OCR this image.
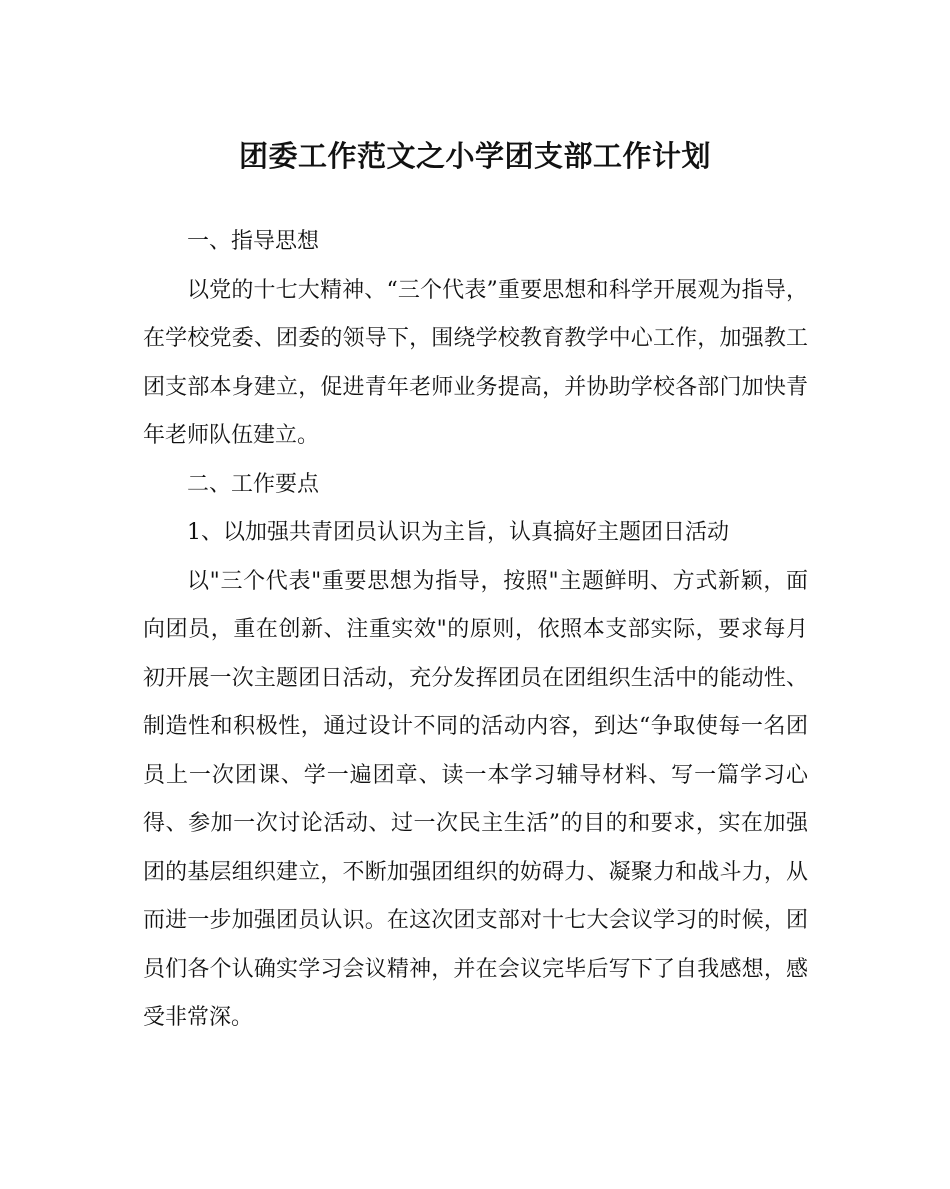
团委工作范文之小学团支部工作计划

一、指导思想

以党的十七大精神、“三个代表”重要思想和科学开展观为指导，在学校党委、团委的领导下，围绕学校教育教学中心工作，加强教工团支部本身建立，促进青年老师业务提高，并协助学校各部门加快青年老师队伍建立。

二、工作要点

1、以加强共青团员认识为主旨，认真搞好主题团日活动

以"三个代表"重要思想为指导，按照"主题鲜明、方式新颖，面向团员，重在创新、注重实效"的原则，依照本支部实际，要求每月初开展一次主题团日活动，充分发挥团员在团组织生活中的能动性、制造性和积极性，通过设计不同的活动内容，到达“争取使每一名团员上一次团课、学一遍团章、读一本学习辅导材料、写一篇学习心得、参加一次讨论活动、过一次民主生活”的目的和要求，实在加强团的基层组织建立，不断加强团组织的妨碍力、凝聚力和战斗力，从而进一步加强团员认识。在这次团支部对十七大会议学习的时候，团员们各个认确实学习会议精神，并在会议完毕后写下了自我感想，感受非常深。
